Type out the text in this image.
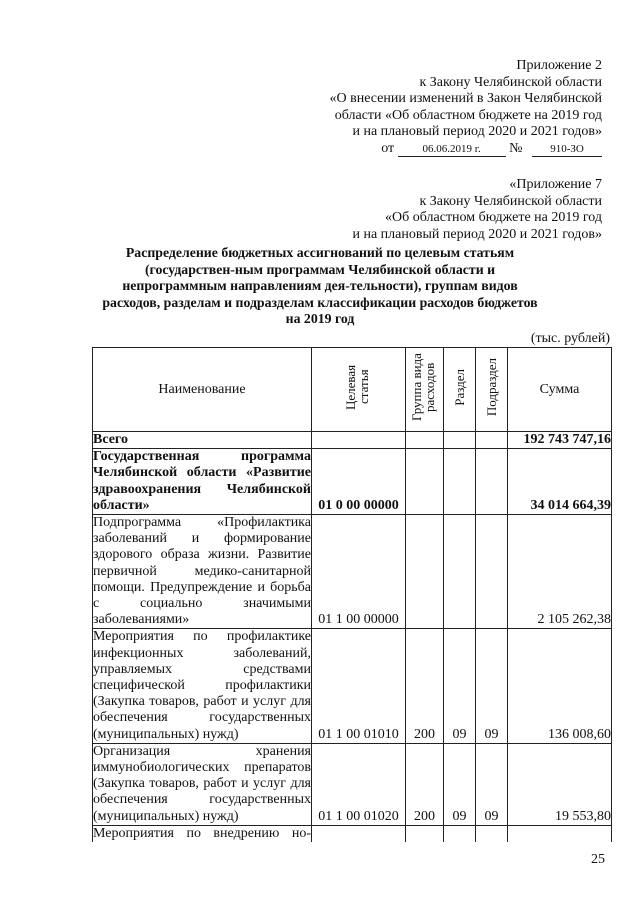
Приложение 2
к Закону Челябинской области
«О внесении изменений в Закон Челябинской
области «Об областном бюджете на 2019 год
и на плановый период 2020 и 2021 годов»
от	06.06.2019 г. №	910-ЗО
«Приложение 7
к Закону Челябинской области
«Об областном бюджете на 2019 год
и на плановый период 2020 и 2021 годов»
Распределение бюджетных ассигнований по целевым статьям (государствен-ным программам Челябинской области и непрограммным направлениям дея-тельности), группам видов расходов, разделам и подразделам классификации расходов бюджетов на 2019 год
(тыс. рублей)
Наименование	Целевая статья	Группа вида расходов	Раздел	Подраздел	Сумма
Всего					192 743 747,16
Государственная программа Челябинской области «Развитие здравоохранения Челябинской области»	01 0 00 00000				34 014 664,39
Подпрограмма «Профилактика заболеваний и формирование здорового образа жизни. Развитие первичной медико-санитарной помощи. Предупреждение и борьба с социально значимыми заболеваниями»	01 1 00 00000				2 105 262,38
Мероприятия по профилактике инфекционных заболеваний, управляемых средствами специфической профилактики (Закупка товаров, работ и услуг для обеспечения государственных (муниципальных) нужд)	01 1 00 01010	200	09	09	136 008,60
Организация хранения иммунобиологических препаратов (Закупка товаров, работ и услуг для обеспечения государственных (муниципальных) нужд)	01 1 00 01020	200	09	09	19 553,80
Мероприятия по внедрению но-					
25
